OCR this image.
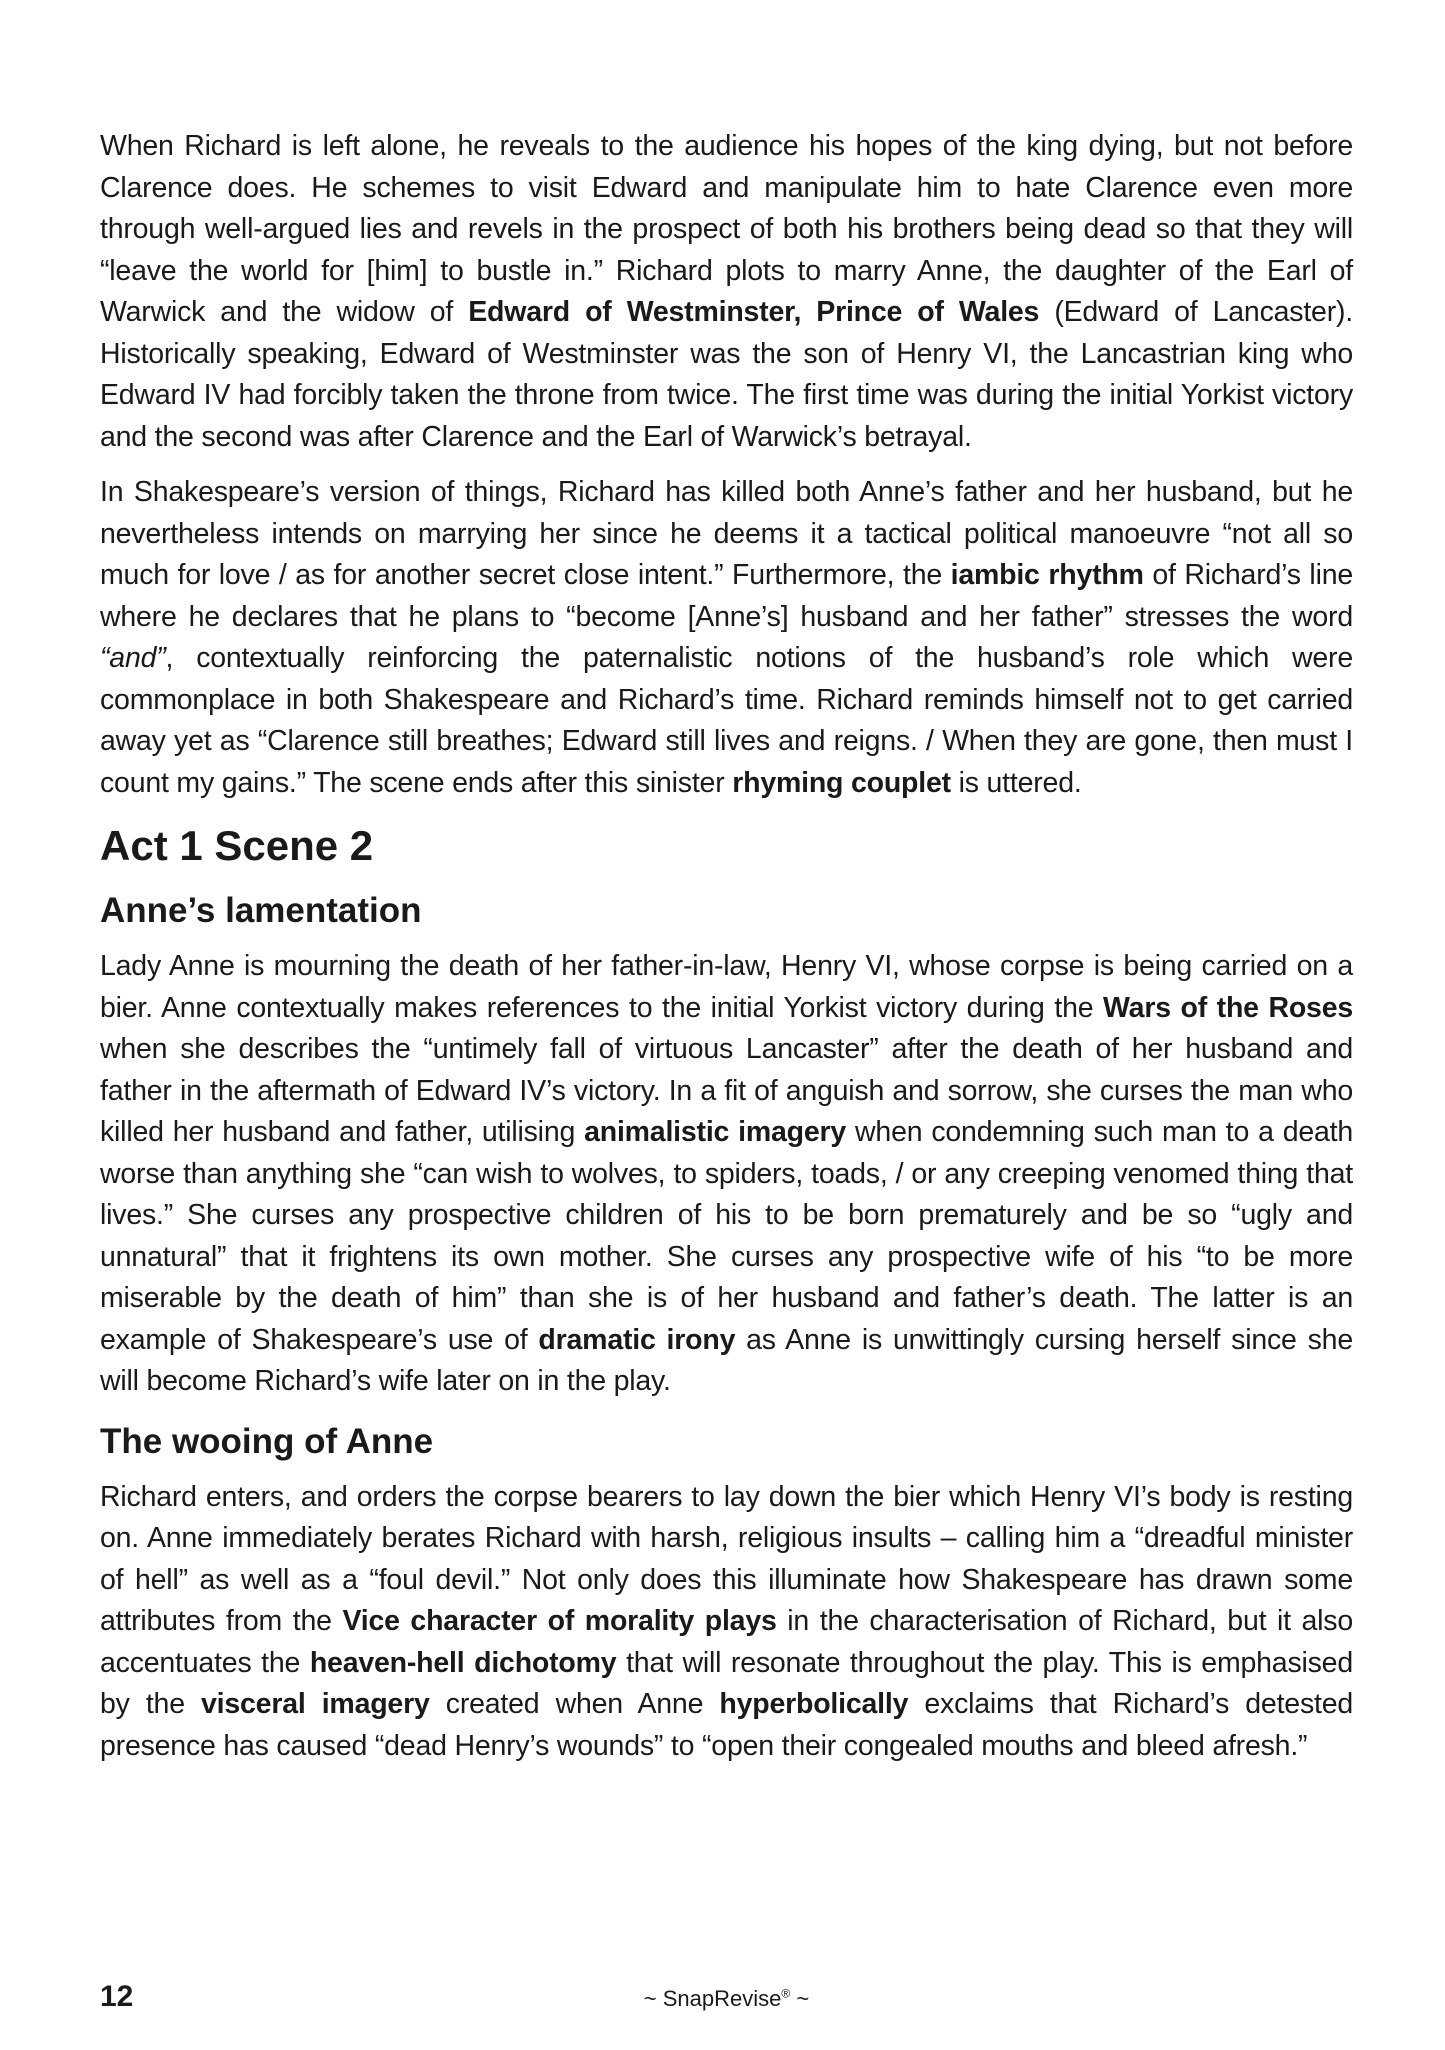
When Richard is left alone, he reveals to the audience his hopes of the king dying, but not before Clarence does. He schemes to visit Edward and manipulate him to hate Clarence even more through well-argued lies and revels in the prospect of both his brothers being dead so that they will “leave the world for [him] to bustle in.” Richard plots to marry Anne, the daughter of the Earl of Warwick and the widow of Edward of Westminster, Prince of Wales (Edward of Lancaster). Historically speaking, Edward of Westminster was the son of Henry VI, the Lancastrian king who Edward IV had forcibly taken the throne from twice. The first time was during the initial Yorkist victory and the second was after Clarence and the Earl of Warwick’s betrayal.

In Shakespeare’s version of things, Richard has killed both Anne’s father and her husband, but he nevertheless intends on marrying her since he deems it a tactical political manoeuvre “not all so much for love / as for another secret close intent.” Furthermore, the iambic rhythm of Richard’s line where he declares that he plans to “become [Anne’s] husband and her father” stresses the word “and”, contextually reinforcing the paternalistic notions of the husband’s role which were commonplace in both Shakespeare and Richard’s time. Richard reminds himself not to get carried away yet as “Clarence still breathes; Edward still lives and reigns. / When they are gone, then must I count my gains.” The scene ends after this sinister rhyming couplet is uttered.

Act 1 Scene 2
Anne’s lamentation

Lady Anne is mourning the death of her father-in-law, Henry VI, whose corpse is being carried on a bier. Anne contextually makes references to the initial Yorkist victory during the Wars of the Roses when she describes the “untimely fall of virtuous Lancaster” after the death of her husband and father in the aftermath of Edward IV’s victory. In a fit of anguish and sorrow, she curses the man who killed her husband and father, utilising animalistic imagery when condemning such man to a death worse than anything she “can wish to wolves, to spiders, toads, / or any creeping venomed thing that lives.” She curses any prospective children of his to be born prematurely and be so “ugly and unnatural” that it frightens its own mother. She curses any prospective wife of his “to be more miserable by the death of him” than she is of her husband and father’s death. The latter is an example of Shakespeare’s use of dramatic irony as Anne is unwittingly cursing herself since she will become Richard’s wife later on in the play.

The wooing of Anne

Richard enters, and orders the corpse bearers to lay down the bier which Henry VI’s body is resting on. Anne immediately berates Richard with harsh, religious insults – calling him a “dreadful minister of hell” as well as a “foul devil.” Not only does this illuminate how Shakespeare has drawn some attributes from the Vice character of morality plays in the characterisation of Richard, but it also accentuates the heaven-hell dichotomy that will resonate throughout the play. This is emphasised by the visceral imagery created when Anne hyperbolically exclaims that Richard’s detested presence has caused “dead Henry’s wounds” to “open their congealed mouths and bleed afresh.”

12	~ SnapRevise® ~
